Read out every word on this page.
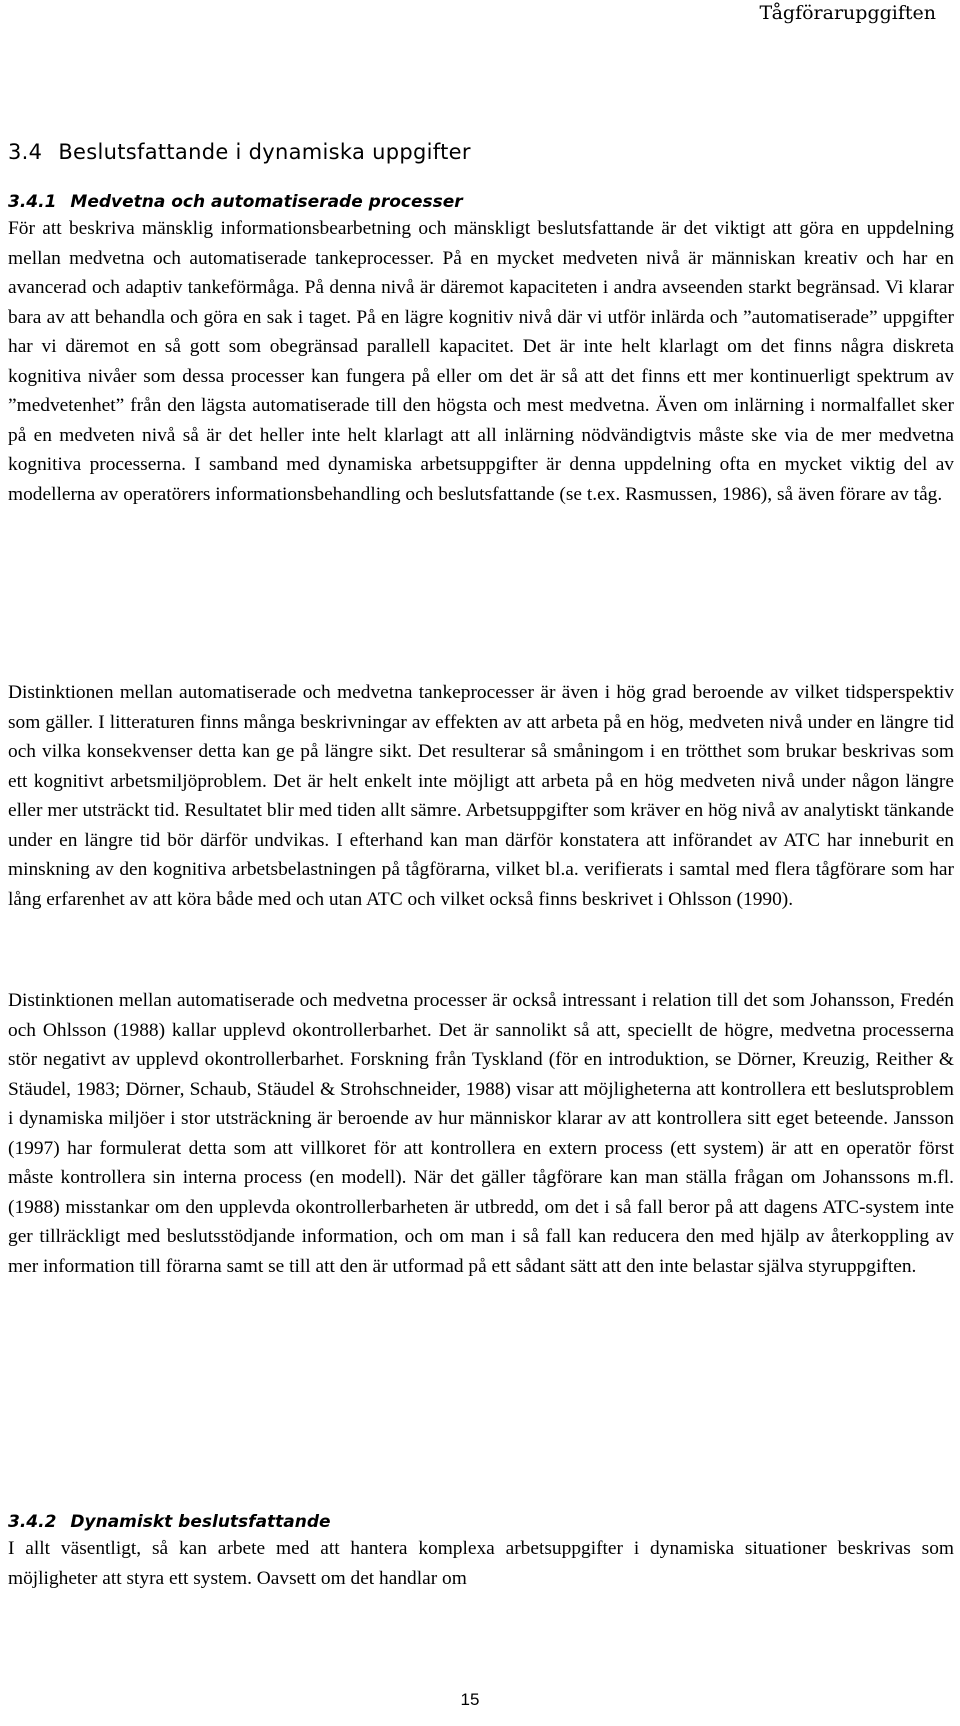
Tågförarupggiften
3.4 Beslutsfattande i dynamiska uppgifter
3.4.1 Medvetna och automatiserade processer

För att beskriva mänsklig informationsbearbetning och mänskligt beslutsfattande är det viktigt att göra en uppdelning mellan medvetna och automatiserade tankeprocesser. På en mycket medveten nivå är människan kreativ och har en avancerad och adaptiv tankeförmåga. På denna nivå är däremot kapaciteten i andra avseenden starkt begränsad. Vi klarar bara av att behandla och göra en sak i taget. På en lägre kognitiv nivå där vi utför inlärda och ”automatiserade” uppgifter har vi däremot en så gott som obegränsad parallell kapacitet. Det är inte helt klarlagt om det finns några diskreta kognitiva nivåer som dessa processer kan fungera på eller om det är så att det finns ett mer kontinuerligt spektrum av ”medvetenhet” från den lägsta automatiserade till den högsta och mest medvetna. Även om inlärning i normalfallet sker på en medveten nivå så är det heller inte helt klarlagt att all inlärning nödvändigtvis måste ske via de mer medvetna kognitiva processerna. I samband med dynamiska arbetsuppgifter är denna uppdelning ofta en mycket viktig del av modellerna av operatörers informationsbehandling och beslutsfattande (se t.ex. Rasmussen, 1986), så även förare av tåg.

Distinktionen mellan automatiserade och medvetna tankeprocesser är även i hög grad beroende av vilket tidsperspektiv som gäller. I litteraturen finns många beskrivningar av effekten av att arbeta på en hög, medveten nivå under en längre tid och vilka konsekvenser detta kan ge på längre sikt. Det resulterar så småningom i en trötthet som brukar beskrivas som ett kognitivt arbetsmiljöproblem. Det är helt enkelt inte möjligt att arbeta på en hög medveten nivå under någon längre eller mer utsträckt tid. Resultatet blir med tiden allt sämre. Arbetsuppgifter som kräver en hög nivå av analytiskt tänkande under en längre tid bör därför undvikas. I efterhand kan man därför konstatera att införandet av ATC har inneburit en minskning av den kognitiva arbetsbelastningen på tågförarna, vilket bl.a. verifierats i samtal med flera tågförare som har lång erfarenhet av att köra både med och utan ATC och vilket också finns beskrivet i Ohlsson (1990).

Distinktionen mellan automatiserade och medvetna processer är också intressant i relation till det som Johansson, Fredén och Ohlsson (1988) kallar upplevd okontrollerbarhet. Det är sannolikt så att, speciellt de högre, medvetna processerna stör negativt av upplevd okontrollerbarhet. Forskning från Tyskland (för en introduktion, se Dörner, Kreuzig, Reither & Stäudel, 1983; Dörner, Schaub, Stäudel & Strohschneider, 1988) visar att möjligheterna att kontrollera ett beslutsproblem i dynamiska miljöer i stor utsträckning är beroende av hur människor klarar av att kontrollera sitt eget beteende. Jansson (1997) har formulerat detta som att villkoret för att kontrollera en extern process (ett system) är att en operatör först måste kontrollera sin interna process (en modell). När det gäller tågförare kan man ställa frågan om Johanssons m.fl. (1988) misstankar om den upplevda okontrollerbarheten är utbredd, om det i så fall beror på att dagens ATC-system inte ger tillräckligt med beslutsstödjande information, och om man i så fall kan reducera den med hjälp av återkoppling av mer information till förarna samt se till att den är utformad på ett sådant sätt att den inte belastar själva styruppgiften.

3.4.2 Dynamiskt beslutsfattande

I allt väsentligt, så kan arbete med att hantera komplexa arbetsuppgifter i dynamiska situationer beskrivas som möjligheter att styra ett system. Oavsett om det handlar om

15
